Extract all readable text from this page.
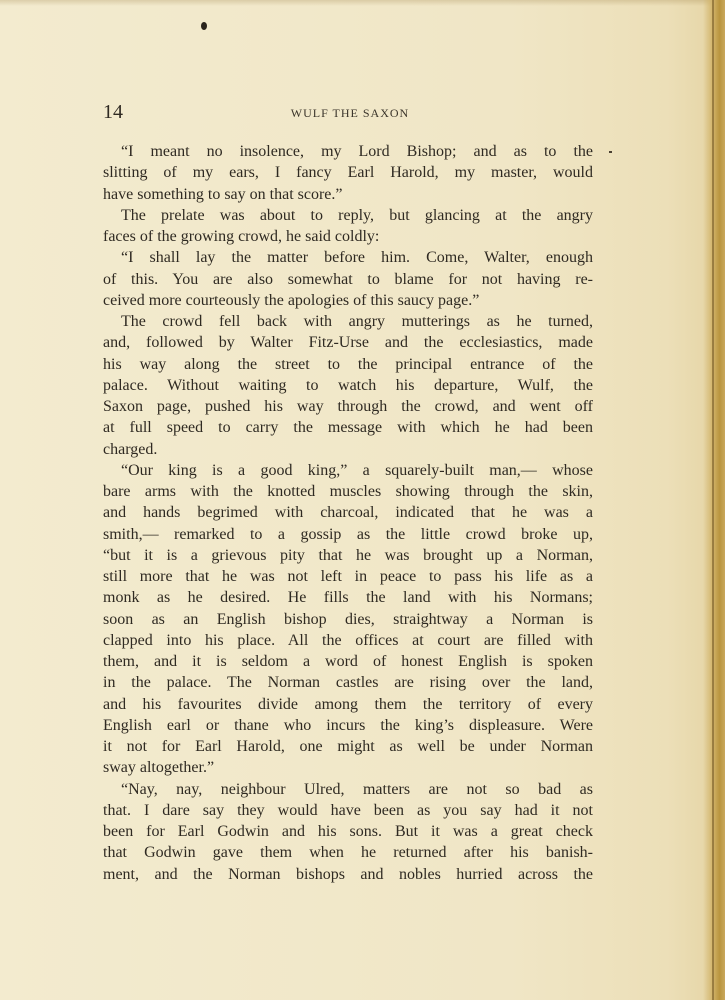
14	WULF THE SAXON
“I meant no insolence, my Lord Bishop; and as to the
slitting of my ears, I fancy Earl Harold, my master, would
have something to say on that score.”
The prelate was about to reply, but glancing at the angry
faces of the growing crowd, he said coldly:
“I shall lay the matter before him. Come, Walter, enough
of this. You are also somewhat to blame for not having re-
ceived more courteously the apologies of this saucy page.”
The crowd fell back with angry mutterings as he turned,
and, followed by Walter Fitz-Urse and the ecclesiastics, made
his way along the street to the principal entrance of the
palace. Without waiting to watch his departure, Wulf, the
Saxon page, pushed his way through the crowd, and went off
at full speed to carry the message with which he had been
charged.
“Our king is a good king,” a squarely-built man,— whose
bare arms with the knotted muscles showing through the skin,
and hands begrimed with charcoal, indicated that he was a
smith,— remarked to a gossip as the little crowd broke up,
“but it is a grievous pity that he was brought up a Norman,
still more that he was not left in peace to pass his life as a
monk as he desired. He fills the land with his Normans;
soon as an English bishop dies, straightway a Norman is
clapped into his place. All the offices at court are filled with
them, and it is seldom a word of honest English is spoken
in the palace. The Norman castles are rising over the land,
and his favourites divide among them the territory of every
English earl or thane who incurs the king’s displeasure. Were
it not for Earl Harold, one might as well be under Norman
sway altogether.”
“Nay, nay, neighbour Ulred, matters are not so bad as
that. I dare say they would have been as you say had it not
been for Earl Godwin and his sons. But it was a great check
that Godwin gave them when he returned after his banish-
ment, and the Norman bishops and nobles hurried across the
